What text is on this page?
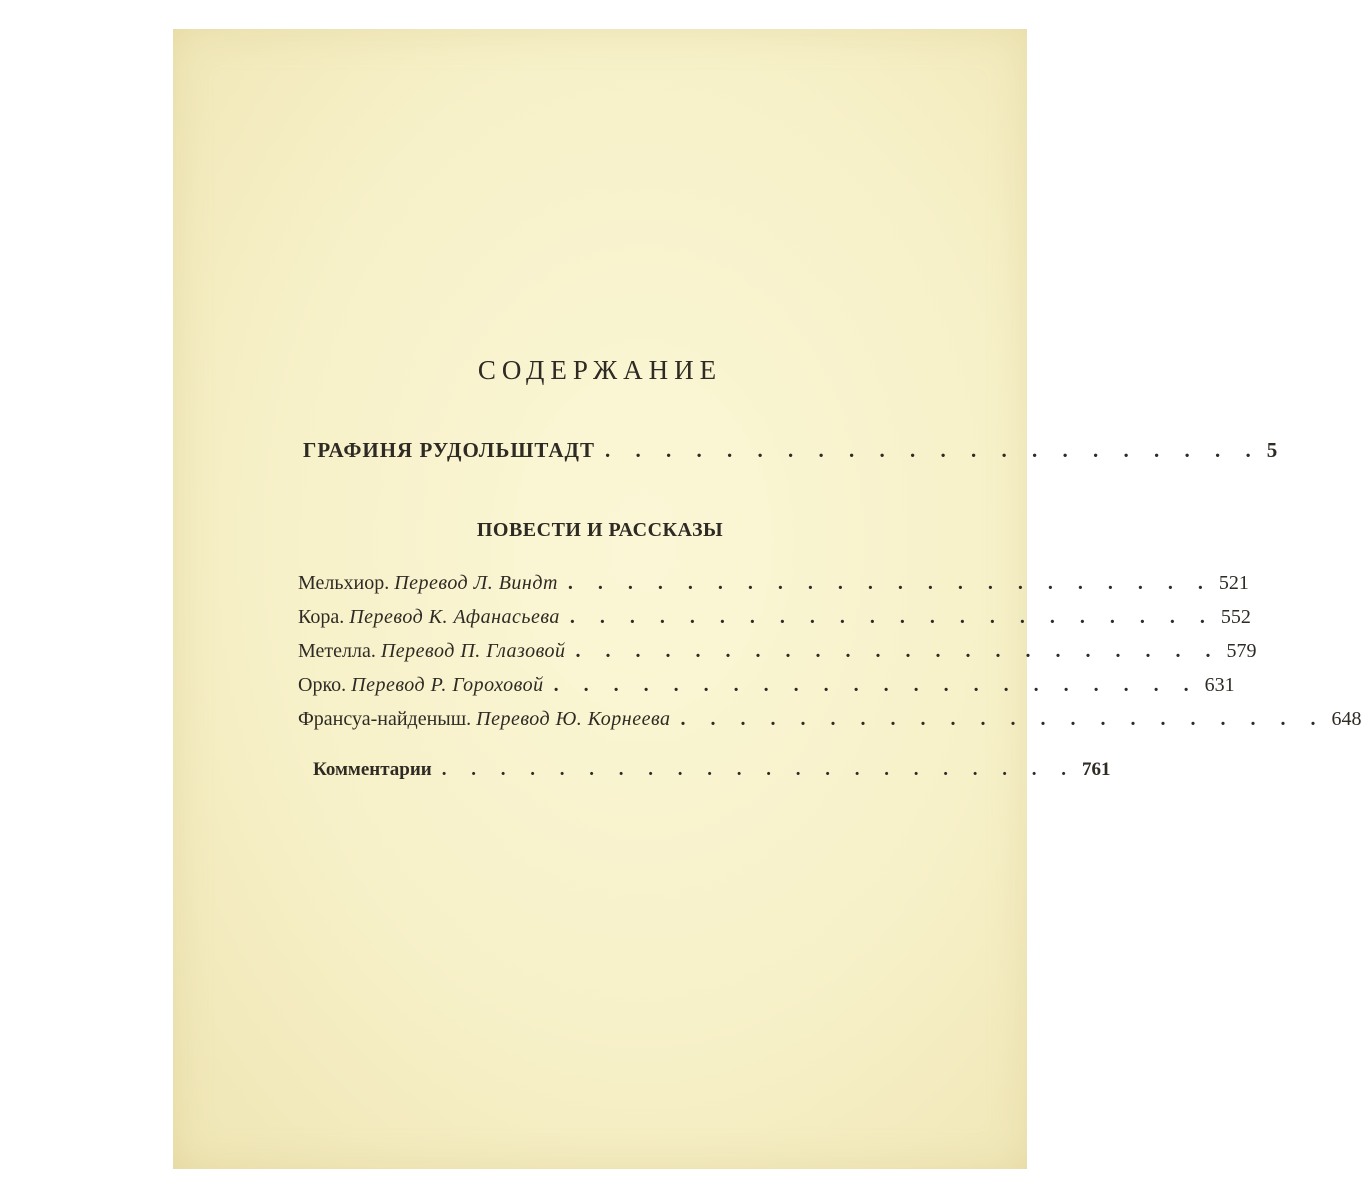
СОДЕРЖАНИЕ
ГРАФИНЯ РУДОЛЬШТАДТ . . . . . . . . . . . . . . . . . . . . . . 5
ПОВЕСТИ И РАССКАЗЫ
Мельхиор. Перевод Л. Виндт . . . . . . . . . . . . . . . . . . . . . . 521
Кора. Перевод К. Афанасьева . . . . . . . . . . . . . . . . . . . . . . 552
Метелла. Перевод П. Глазовой . . . . . . . . . . . . . . . . . . . . . . 579
Орко. Перевод Р. Гороховой . . . . . . . . . . . . . . . . . . . . . . 631
Франсуа-найденыш. Перевод Ю. Корнеева . . . . . . . . . . . . . . . . . . . . . . 648
Комментарии . . . . . . . . . . . . . . . . . . . . . . 761
